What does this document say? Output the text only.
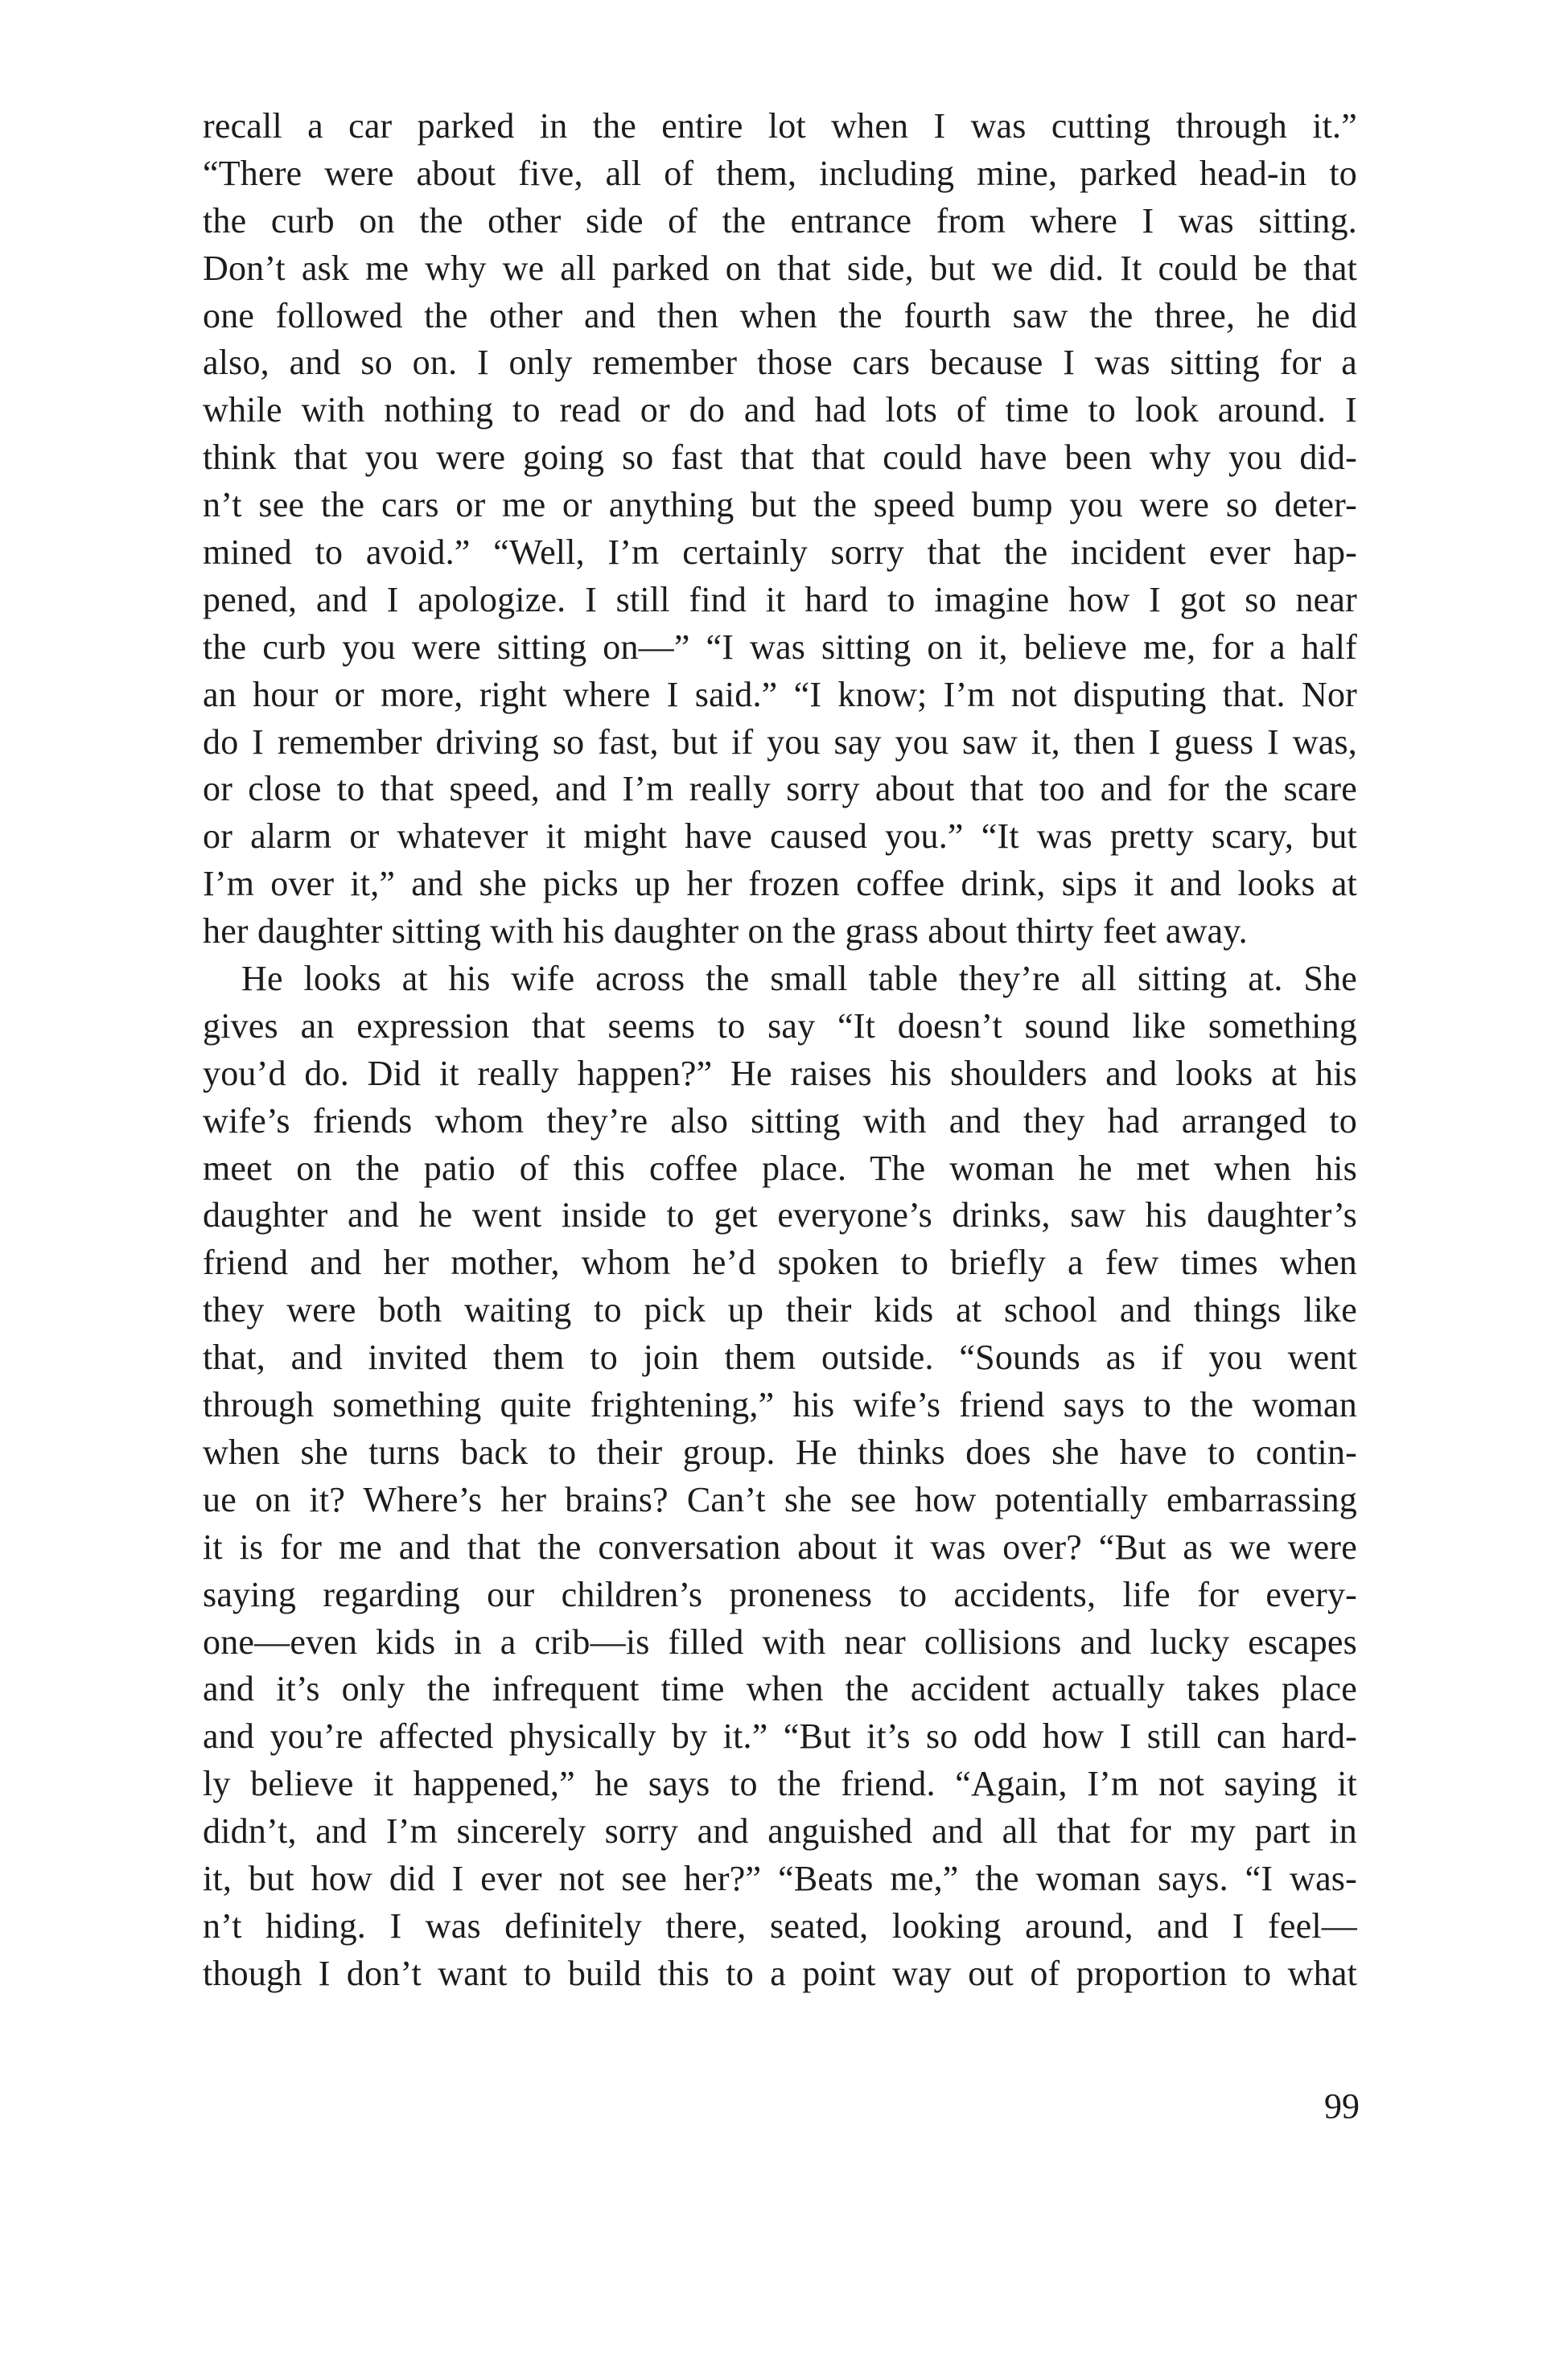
recall a car parked in the entire lot when I was cutting through it.”
“There were about five, all of them, including mine, parked head-in to
the curb on the other side of the entrance from where I was sitting.
Don’t ask me why we all parked on that side, but we did. It could be that
one followed the other and then when the fourth saw the three, he did
also, and so on. I only remember those cars because I was sitting for a
while with nothing to read or do and had lots of time to look around. I
think that you were going so fast that that could have been why you did-
n’t see the cars or me or anything but the speed bump you were so deter-
mined to avoid.” “Well, I’m certainly sorry that the incident ever hap-
pened, and I apologize. I still find it hard to imagine how I got so near
the curb you were sitting on—” “I was sitting on it, believe me, for a half
an hour or more, right where I said.” “I know; I’m not disputing that. Nor
do I remember driving so fast, but if you say you saw it, then I guess I was,
or close to that speed, and I’m really sorry about that too and for the scare
or alarm or whatever it might have caused you.” “It was pretty scary, but
I’m over it,” and she picks up her frozen coffee drink, sips it and looks at
her daughter sitting with his daughter on the grass about thirty feet away.
He looks at his wife across the small table they’re all sitting at. She
gives an expression that seems to say “It doesn’t sound like something
you’d do. Did it really happen?” He raises his shoulders and looks at his
wife’s friends whom they’re also sitting with and they had arranged to
meet on the patio of this coffee place. The woman he met when his
daughter and he went inside to get everyone’s drinks, saw his daughter’s
friend and her mother, whom he’d spoken to briefly a few times when
they were both waiting to pick up their kids at school and things like
that, and invited them to join them outside. “Sounds as if you went
through something quite frightening,” his wife’s friend says to the woman
when she turns back to their group. He thinks does she have to contin-
ue on it? Where’s her brains? Can’t she see how potentially embarrassing
it is for me and that the conversation about it was over? “But as we were
saying regarding our children’s proneness to accidents, life for every-
one—even kids in a crib—is filled with near collisions and lucky escapes
and it’s only the infrequent time when the accident actually takes place
and you’re affected physically by it.” “But it’s so odd how I still can hard-
ly believe it happened,” he says to the friend. “Again, I’m not saying it
didn’t, and I’m sincerely sorry and anguished and all that for my part in
it, but how did I ever not see her?” “Beats me,” the woman says. “I was-
n’t hiding. I was definitely there, seated, looking around, and I feel—
though I don’t want to build this to a point way out of proportion to what
99
